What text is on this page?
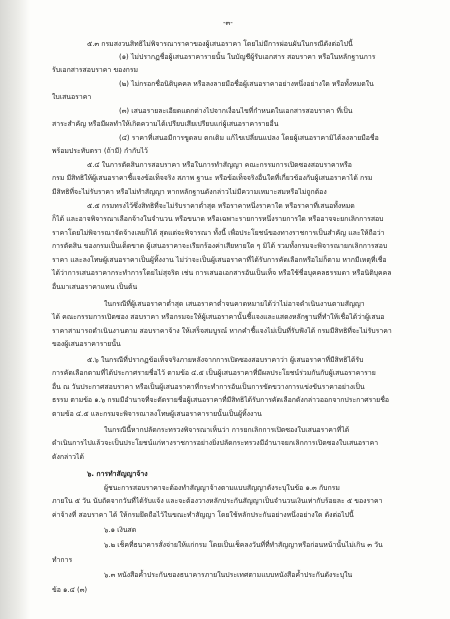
-๓-

๕.๓ กรมสงวนสิทธิไม่พิจารณาราคาของผู้เสนอราคา โดยไม่มีการผ่อนผันในกรณีดังต่อไปนี้

(๑) ไม่ปรากฏชื่อผู้เสนอราคารายนั้น ในบัญชีผู้รับเอกสาร สอบราคา หรือในหลักฐานการ

รับเอกสารสอบราคา ของกรม

(๒) ไม่กรอกชื่อนิติบุคคล หรือลงลายมือชื่อผู้เสนอราคาอย่างหนึ่งอย่างใด หรือทั้งหมดใน

ใบเสนอราคา

(๓) เสนอรายละเอียดแตกต่างไปจากเงื่อนไขที่กำหนดในเอกสารสอบราคา ที่เป็น

สาระสำคัญ หรือมีผลทำให้เกิดความได้เปรียบเสียเปรียบแก่ผู้เสนอราคารายอื่น

(๔) ราคาที่เสนอมีการขูดลบ ตกเติม แก้ไขเปลี่ยนแปลง โดยผู้เสนอราคามิได้ลงลายมือชื่อ

พร้อมประทับตรา (ถ้ามี) กำกับไว้

๕.๔ ในการตัดสินการสอบราคา หรือในการทำสัญญา คณะกรรมการเปิดซองสอบราคาหรือ

กรม มีสิทธิให้ผู้เสนอราคาชี้แจงข้อเท็จจริง สภาพ ฐานะ หรือข้อเท็จจริงอื่นใดที่เกี่ยวข้องกับผู้เสนอราคาได้ กรม

มีสิทธิที่จะไม่รับราคา หรือไม่ทำสัญญา หากหลักฐานดังกล่าวไม่มีความเหมาะสมหรือไม่ถูกต้อง

๕.๕ กรมทรงไว้ซึ่งสิทธิที่จะไม่รับราคาต่ำสุด หรือราคาหนึ่งราคาใด หรือราคาที่เสนอทั้งหมด

ก็ได้ และอาจพิจารณาเลือกจ้างในจำนวน หรือขนาด หรือเฉพาะรายการหนึ่งรายการใด หรืออาจจะยกเลิกการสอบ

ราคาโดยไม่พิจารณาจัดจ้างเลยก็ได้ สุดแต่จะพิจารณา ทั้งนี้ เพื่อประโยชน์ของทางราชการเป็นสำคัญ และให้ถือว่า

การตัดสิน ของกรมเป็นเด็ดขาด ผู้เสนอราคาจะเรียกร้องค่าเสียหายใด ๆ มิได้ รวมทั้งกรมจะพิจารณายกเลิกการสอบ

ราคา และลงโทษผู้เสนอราคาเป็นผู้ทิ้งงาน ไม่ว่าจะเป็นผู้เสนอราคาที่ได้รับการคัดเลือกหรือไม่ก็ตาม หากมีเหตุที่เชื่อ

ได้ว่าการเสนอราคากระทำการโดยไม่สุจริต เช่น การเสนอเอกสารอันเป็นเท็จ หรือใช้ชื่อบุคคลธรรมดา หรือนิติบุคคล

อื่นมาเสนอราคาแทน เป็นต้น

ในกรณีที่ผู้เสนอราคาต่ำสุด เสนอราคาต่ำจนคาดหมายได้ว่าไม่อาจดำเนินงานตามสัญญา

ได้ คณะกรรมการเปิดซอง สอบราคา หรือกรมจะให้ผู้เสนอราคานั้นชี้แจงและแสดงหลักฐานที่ทำให้เชื่อได้ว่าผู้เสนอ

ราคาสามารถดำเนินงานตาม สอบราคาจ้าง ให้เสร็จสมบูรณ์ หากคำชี้แจงไม่เป็นที่รับฟังได้ กรมมีสิทธิที่จะไม่รับราคา

ของผู้เสนอราคารายนั้น

๕.๖ ในกรณีที่ปรากฏข้อเท็จจริงภายหลังจากการเปิดซองสอบราคาว่า ผู้เสนอราคาที่มีสิทธิได้รับ

การคัดเลือกตามที่ได้ประกาศรายชื่อไว้ ตามข้อ ๔.๕ เป็นผู้เสนอราคาที่มีผลประโยชน์ร่วมกันกับผู้เสนอราคาราย

อื่น ณ วันประกาศสอบราคา หรือเป็นผู้เสนอราคาที่กระทำการอันเป็นการขัดขวางการแข่งขันราคาอย่างเป็น

ธรรม ตามข้อ ๑.๖ กรมมีอำนาจที่จะตัดรายชื่อผู้เสนอราคาที่มีสิทธิได้รับการคัดเลือกดังกล่าวออกจากประกาศรายชื่อ

ตามข้อ ๔.๕ และกรมจะพิจารณาลงโทษผู้เสนอราคารายนั้นเป็นผู้ทิ้งงาน

ในกรณีนี้หากปลัดกระทรวงพิจารณาเห็นว่า การยกเลิกการเปิดซองใบเสนอราคาที่ได้

ดำเนินการไปแล้วจะเป็นประโยชน์แก่ทางราชการอย่างยิ่งปลัดกระทรวงมีอำนาจยกเลิกการเปิดซองใบเสนอราคา

ดังกล่าวได้

๖. การทำสัญญาจ้าง

ผู้ชนะการสอบราคาจะต้องทำสัญญาจ้างตามแบบสัญญาดังระบุในข้อ ๑.๓ กับกรม

ภายใน ๕ วัน นับถัดจากวันที่ได้รับแจ้ง และจะต้องวางหลักประกันสัญญาเป็นจำนวนเงินเท่ากับร้อยละ ๕ ของราคา

ค่าจ้างที่ สอบราคา ได้ ให้กรมยึดถือไว้ในขณะทำสัญญา โดยใช้หลักประกันอย่างหนึ่งอย่างใด ดังต่อไปนี้

๖.๑ เงินสด

๖.๒ เช็คที่ธนาคารสั่งจ่ายให้แก่กรม โดยเป็นเช็คลงวันที่ที่ทำสัญญาหรือก่อนหน้านั้นไม่เกิน ๓ วัน

ทำการ

๖.๓ หนังสือค้ำประกันของธนาคารภายในประเทศตามแบบหนังสือค้ำประกันดังระบุใน

ข้อ ๑.๔ (๓)
